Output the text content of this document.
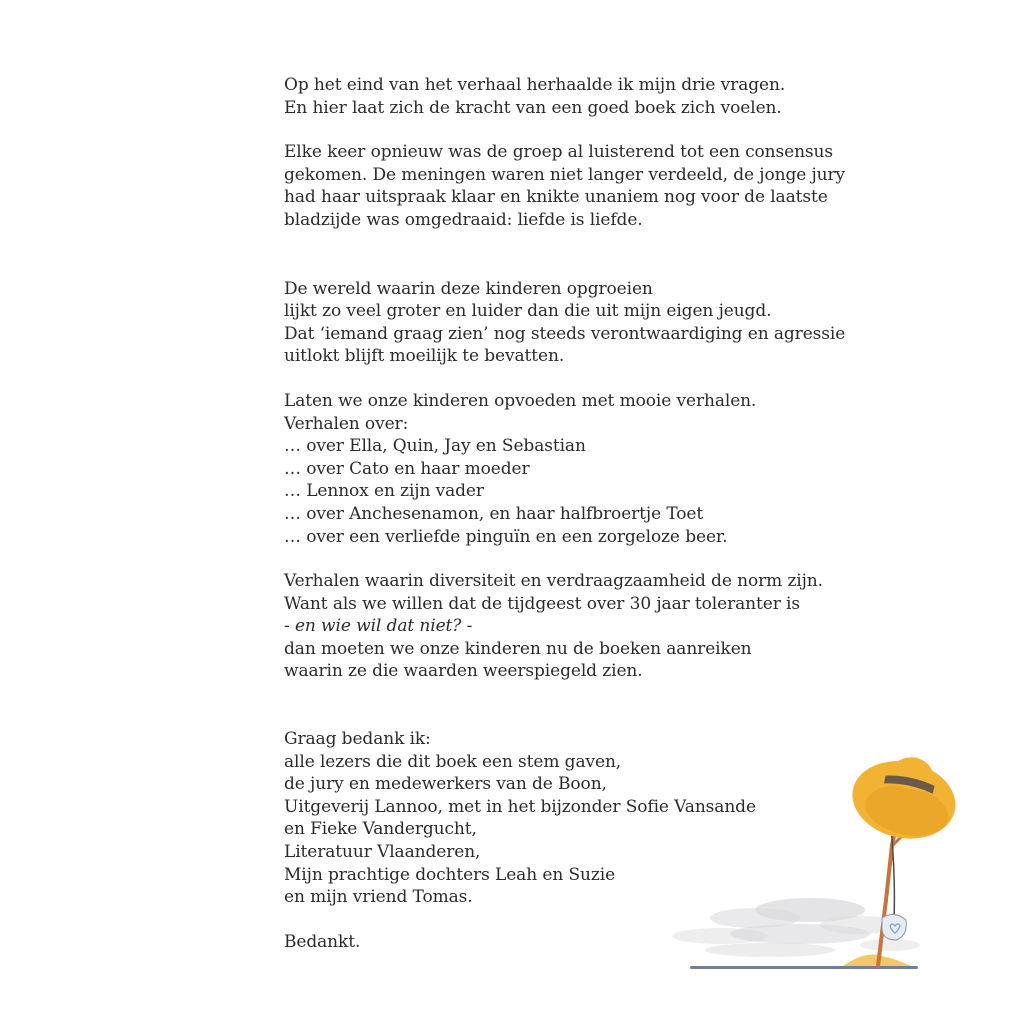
Op het eind van het verhaal herhaalde ik mijn drie vragen.
En hier laat zich de kracht van een goed boek zich voelen.
Elke keer opnieuw was de groep al luisterend tot een consensus
gekomen. De meningen waren niet langer verdeeld, de jonge jury
had haar uitspraak klaar en knikte unaniem nog voor de laatste
bladzijde was omgedraaid: liefde is liefde.
De wereld waarin deze kinderen opgroeien
lijkt zo veel groter en luider dan die uit mijn eigen jeugd.
Dat ‘iemand graag zien’ nog steeds verontwaardiging en agressie
uitlokt blijft moeilijk te bevatten.
Laten we onze kinderen opvoeden met mooie verhalen.
Verhalen over:
… over Ella, Quin, Jay en Sebastian
… over Cato en haar moeder
… Lennox en zijn vader
… over Anchesenamon, en haar halfbroertje Toet
… over een verliefde pinguïn en een zorgeloze beer.
Verhalen waarin diversiteit en verdraagzaamheid de norm zijn.
Want als we willen dat de tijdgeest over 30 jaar toleranter is
- en wie wil dat niet? -
dan moeten we onze kinderen nu de boeken aanreiken
waarin ze die waarden weerspiegeld zien.
Graag bedank ik:
alle lezers die dit boek een stem gaven,
de jury en medewerkers van de Boon,
Uitgeverij Lannoo, met in het bijzonder Sofie Vansande
en Fieke Vandergucht,
Literatuur Vlaanderen,
Mijn prachtige dochters Leah en Suzie
en mijn vriend Tomas.
Bedankt.
